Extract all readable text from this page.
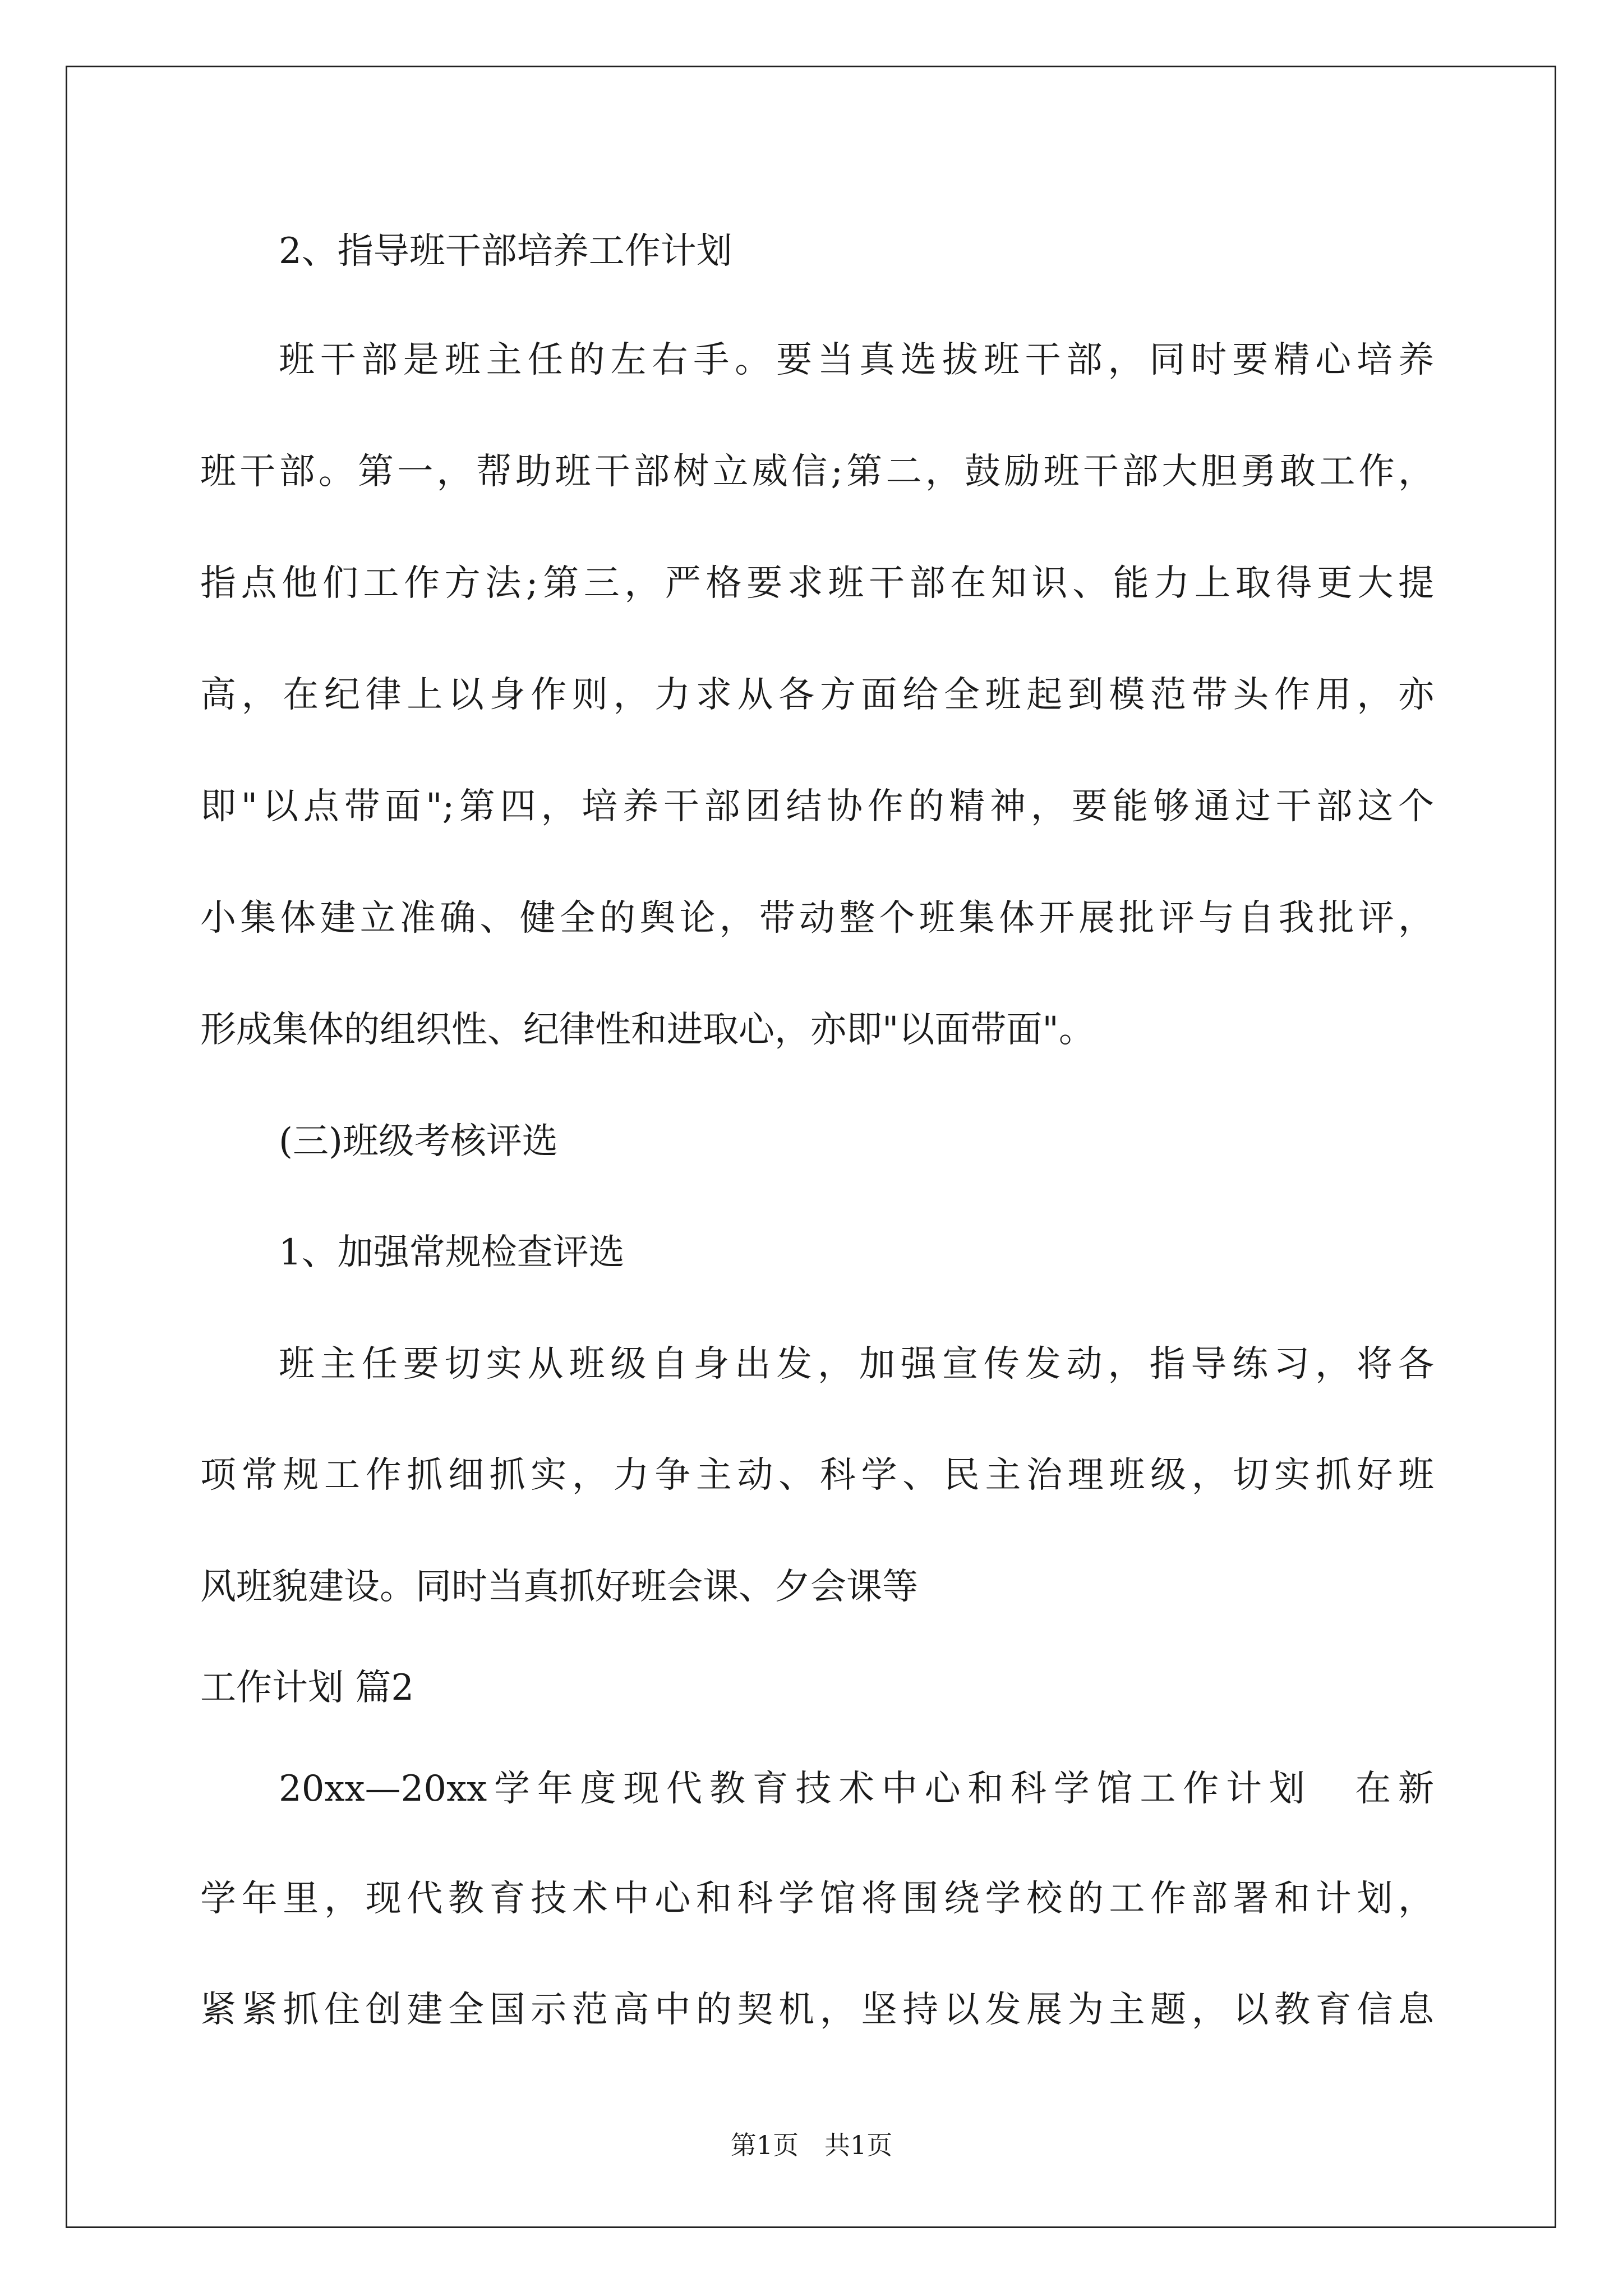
2、指导班干部培养工作计划
班干部是班主任的左右手。要当真选拔班干部，同时要精心培养
班干部。第一，帮助班干部树立威信;第二，鼓励班干部大胆勇敢工作，
指点他们工作方法;第三，严格要求班干部在知识、能力上取得更大提
高，在纪律上以身作则，力求从各方面给全班起到模范带头作用，亦
即"以点带面";第四，培养干部团结协作的精神，要能够通过干部这个
小集体建立准确、健全的舆论，带动整个班集体开展批评与自我批评，
形成集体的组织性、纪律性和进取心，亦即"以面带面"。
(三)班级考核评选
1、加强常规检查评选
班主任要切实从班级自身出发，加强宣传发动，指导练习，将各
项常规工作抓细抓实，力争主动、科学、民主治理班级，切实抓好班
风班貌建设。同时当真抓好班会课、夕会课等
工作计划 篇2
20xx—20xx学年度现代教育技术中心和科学馆工作计划　在新
学年里，现代教育技术中心和科学馆将围绕学校的工作部署和计划，
紧紧抓住创建全国示范高中的契机，坚持以发展为主题，以教育信息
第1页　共1页
